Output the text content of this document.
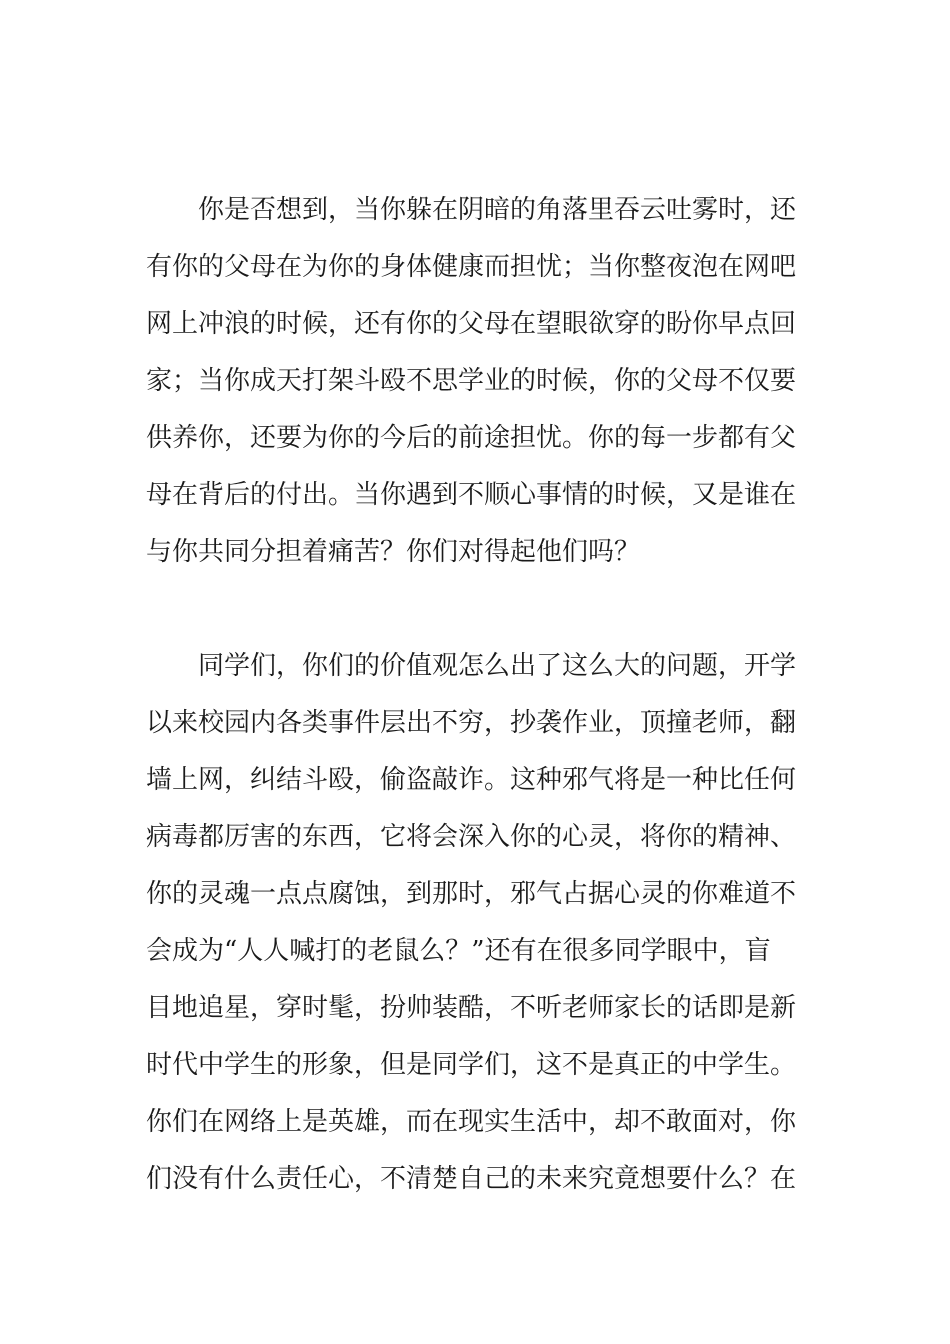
你是否想到，当你躲在阴暗的角落里吞云吐雾时，还
有你的父母在为你的身体健康而担忧；当你整夜泡在网吧
网上冲浪的时候，还有你的父母在望眼欲穿的盼你早点回
家；当你成天打架斗殴不思学业的时候，你的父母不仅要
供养你，还要为你的今后的前途担忧。你的每一步都有父
母在背后的付出。当你遇到不顺心事情的时候，又是谁在
与你共同分担着痛苦？你们对得起他们吗？
同学们，你们的价值观怎么出了这么大的问题，开学
以来校园内各类事件层出不穷，抄袭作业，顶撞老师，翻
墙上网，纠结斗殴，偷盗敲诈。这种邪气将是一种比任何
病毒都厉害的东西，它将会深入你的心灵，将你的精神、
你的灵魂一点点腐蚀，到那时，邪气占据心灵的你难道不
会成为“人人喊打的老鼠么？”还有在很多同学眼中，盲
目地追星，穿时髦，扮帅装酷，不听老师家长的话即是新
时代中学生的形象，但是同学们，这不是真正的中学生。
你们在网络上是英雄，而在现实生活中，却不敢面对，你
们没有什么责任心，不清楚自己的未来究竟想要什么？在
